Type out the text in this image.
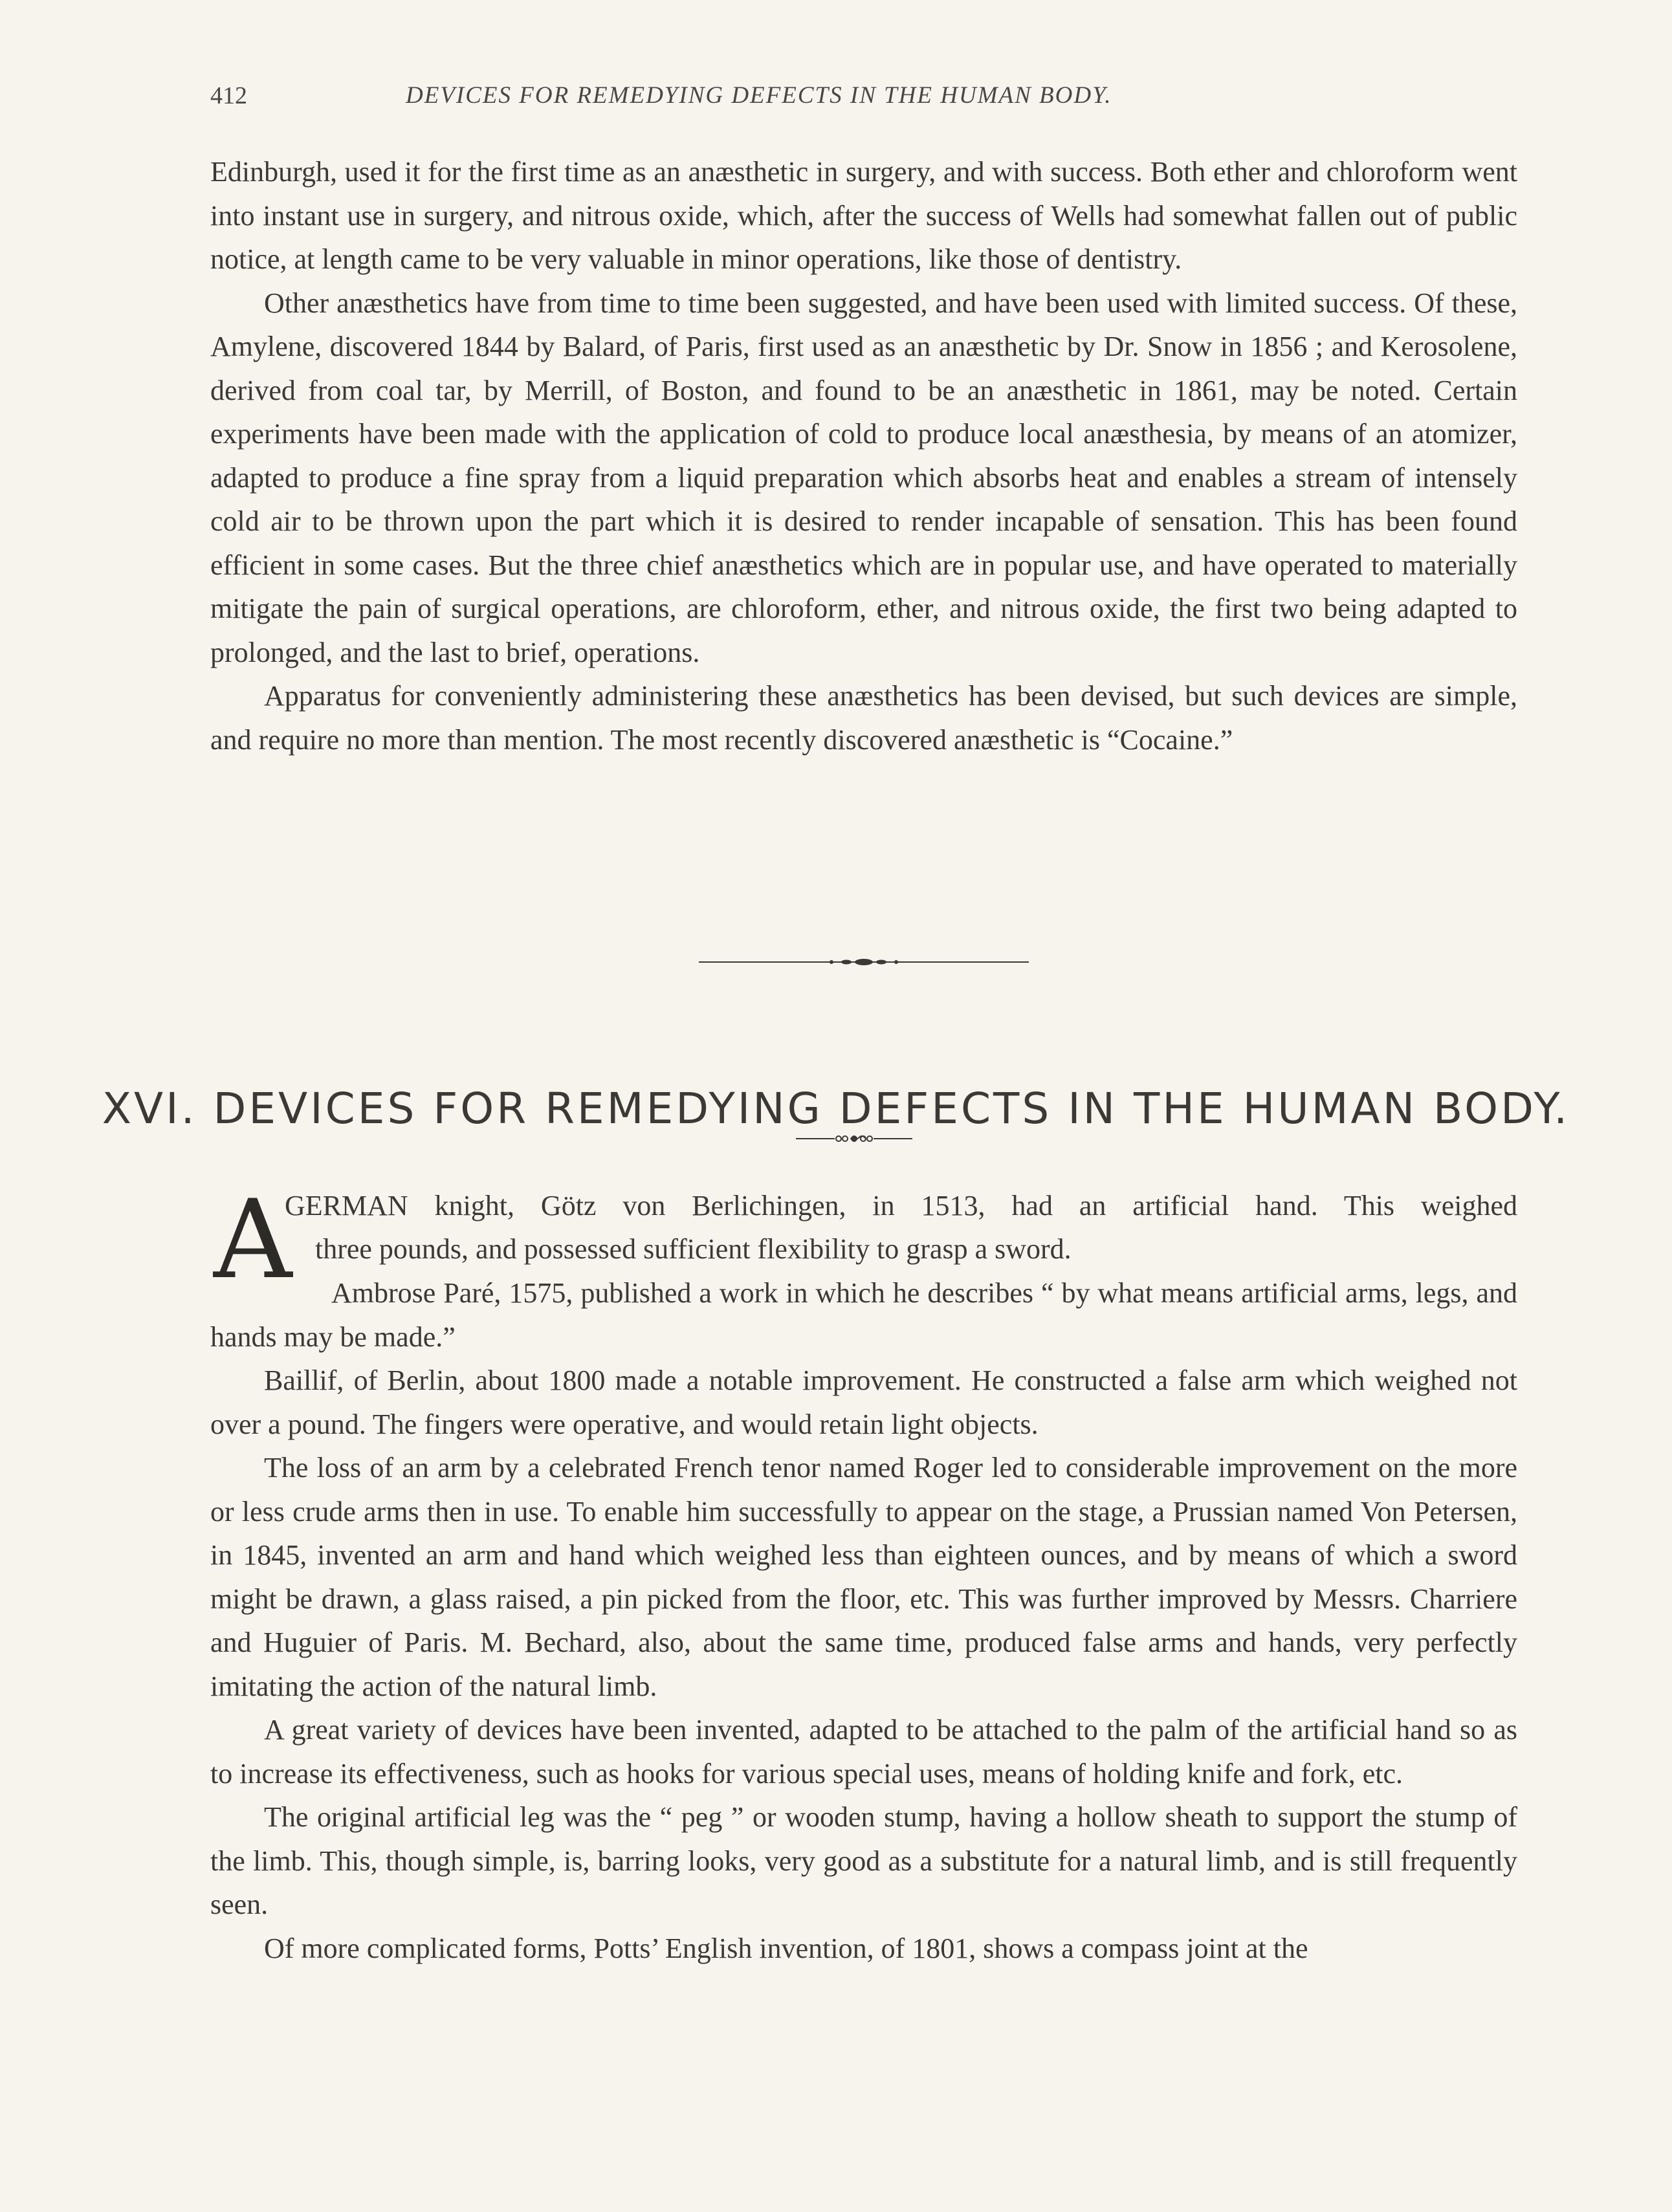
412	DEVICES FOR REMEDYING DEFECTS IN THE HUMAN BODY.

Edinburgh, used it for the first time as an anæsthetic in surgery, and with success. Both ether and chloroform went into instant use in surgery, and nitrous oxide, which, after the success of Wells had somewhat fallen out of public notice, at length came to be very valuable in minor operations, like those of dentistry.

Other anæsthetics have from time to time been suggested, and have been used with limited success. Of these, Amylene, discovered 1844 by Balard, of Paris, first used as an anæsthetic by Dr. Snow in 1856 ; and Kerosolene, derived from coal tar, by Merrill, of Boston, and found to be an anæsthetic in 1861, may be noted. Certain experiments have been made with the application of cold to produce local anæsthesia, by means of an atomizer, adapted to produce a fine spray from a liquid preparation which absorbs heat and enables a stream of intensely cold air to be thrown upon the part which it is desired to render incapable of sensation. This has been found efficient in some cases. But the three chief anæsthetics which are in popular use, and have operated to materially mitigate the pain of surgical operations, are chloroform, ether, and nitrous oxide, the first two being adapted to prolonged, and the last to brief, operations.

Apparatus for conveniently administering these anæsthetics has been devised, but such devices are simple, and require no more than mention. The most recently discovered anæsthetic is “Cocaine.”

XVI. DEVICES FOR REMEDYING DEFECTS IN THE HUMAN BODY.
A
GERMAN knight, Götz von Berlichingen, in 1513, had an artificial hand. This weighed
three pounds, and possessed sufficient flexibility to grasp a sword.

Ambrose Paré, 1575, published a work in which he describes “ by what means artificial arms, legs, and hands may be made.”

Baillif, of Berlin, about 1800 made a notable improvement. He constructed a false arm which weighed not over a pound. The fingers were operative, and would retain light objects.

The loss of an arm by a celebrated French tenor named Roger led to considerable improvement on the more or less crude arms then in use. To enable him successfully to appear on the stage, a Prussian named Von Petersen, in 1845, invented an arm and hand which weighed less than eighteen ounces, and by means of which a sword might be drawn, a glass raised, a pin picked from the floor, etc. This was further improved by Messrs. Charriere and Huguier of Paris. M. Bechard, also, about the same time, produced false arms and hands, very perfectly imitating the action of the natural limb.

A great variety of devices have been invented, adapted to be attached to the palm of the artificial hand so as to increase its effectiveness, such as hooks for various special uses, means of holding knife and fork, etc.

The original artificial leg was the “ peg ” or wooden stump, having a hollow sheath to support the stump of the limb. This, though simple, is, barring looks, very good as a substitute for a natural limb, and is still frequently seen.

Of more complicated forms, Potts’ English invention, of 1801, shows a compass joint at the
